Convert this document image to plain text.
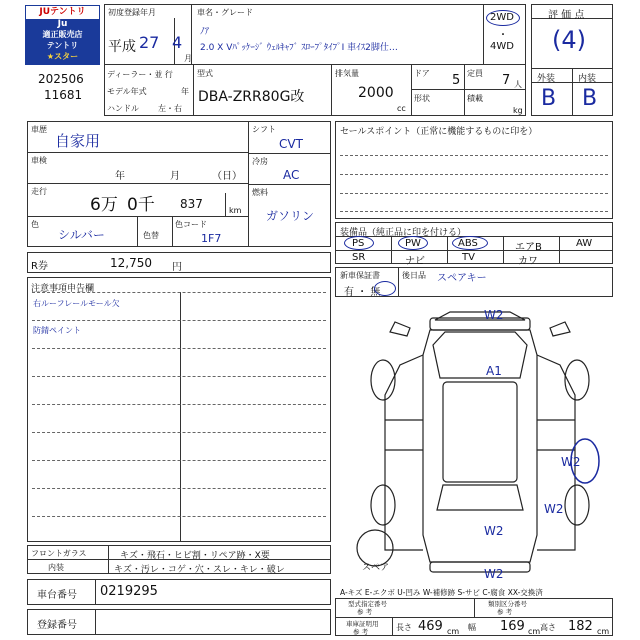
JUテントリ
Ju
適正販売店
テントリ
★スター
202506
11681
初度登録年月
平成 27 4
月
車名・グレード
ﾉｱ
2.0 X Vﾊﾟｯｹｰｼﾞ ｳｪﾙｷｬﾌﾞ ｽﾛｰﾌﾟﾀｲﾌﾟⅠ 車ｲｽ2脚仕…
2WD
・
4WD
ディーラー・並 行
モデル年式	年
ハンドル 左・右
型式
DBA-ZRR80G改
排気量
2000
cc
ドア 5
形状
定員 7 人
積載
kg
評 価 点
(4)
外装	内装
B B
車歴
自家用
車検
年	月	（日）
走行
6万 0千 837	km
色
シルバー	色替
色コード
1F7
シフト
CVT
冷房
AC
燃料
ガソリン
R券	12,750 円
セールスポイント（正常に機能するものに印を）
装備品（純正品に印を付ける）
PS	PW	ABS	エアB	AW
SR	ナビ	TV	カワ
新車保証書
有 ・ 無
後日品 スペアキー
注意事項申告欄
右ルーフレールモール欠
防錆ペイント
W2
A1
W2
W2
W2
W2
スペア
フロントガラス	キズ・飛石・ヒビ割・リペア跡・X要
内装	キズ・汚レ・コゲ・穴・スレ・キレ・破レ
A-キズ E-エクボ U-凹み W-補修跡 S-サビ C-腐食 XX-交換済
車台番号 0219295
登録番号
型式指定番号
参 考
類別区分番号
参 考
車庫証明用
参 考	長さ 469 cm 幅 169 cm 高さ 182 cm
